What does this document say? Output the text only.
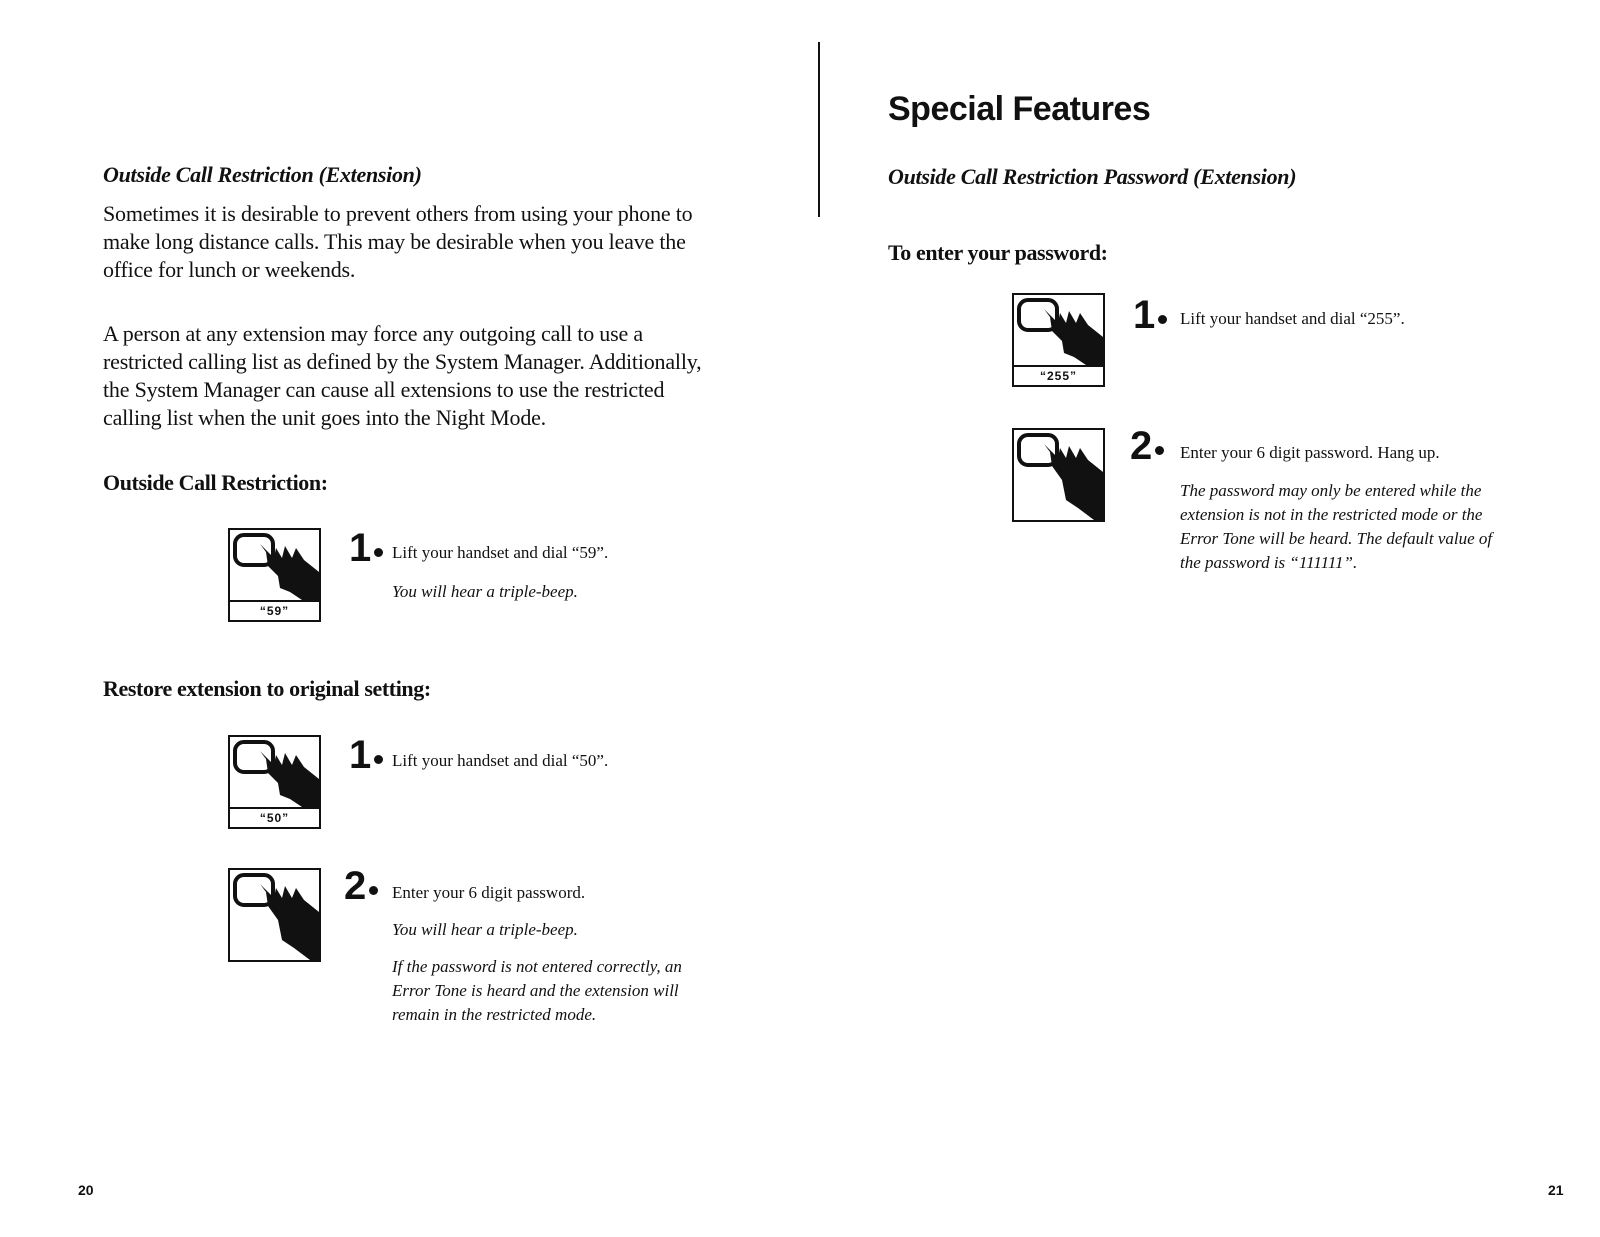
Outside Call Restriction (Extension)
Sometimes it is desirable to prevent others from using your phone to
make long distance calls. This may be desirable when you leave the
office for lunch or weekends.
A person at any extension may force any outgoing call to use a
restricted calling list as defined by the System Manager. Additionally,
the System Manager can cause all extensions to use the restricted
calling list when the unit goes into the Night Mode.
Outside Call Restriction:
“59”
1	Lift your handset and dial “59”.
You will hear a triple-beep.
Restore extension to original setting:
“50”
1	Lift your handset and dial “50”.
2	Enter your 6 digit password.
You will hear a triple-beep.
If the password is not entered correctly, an
Error Tone is heard and the extension will
remain in the restricted mode.
20
Special Features
Outside Call Restriction Password (Extension)
To enter your password:
“255”
1	Lift your handset and dial “255”.
2	Enter your 6 digit password. Hang up.
The password may only be entered while the
extension is not in the restricted mode or the
Error Tone will be heard. The default value of
the password is “111111”.
21
